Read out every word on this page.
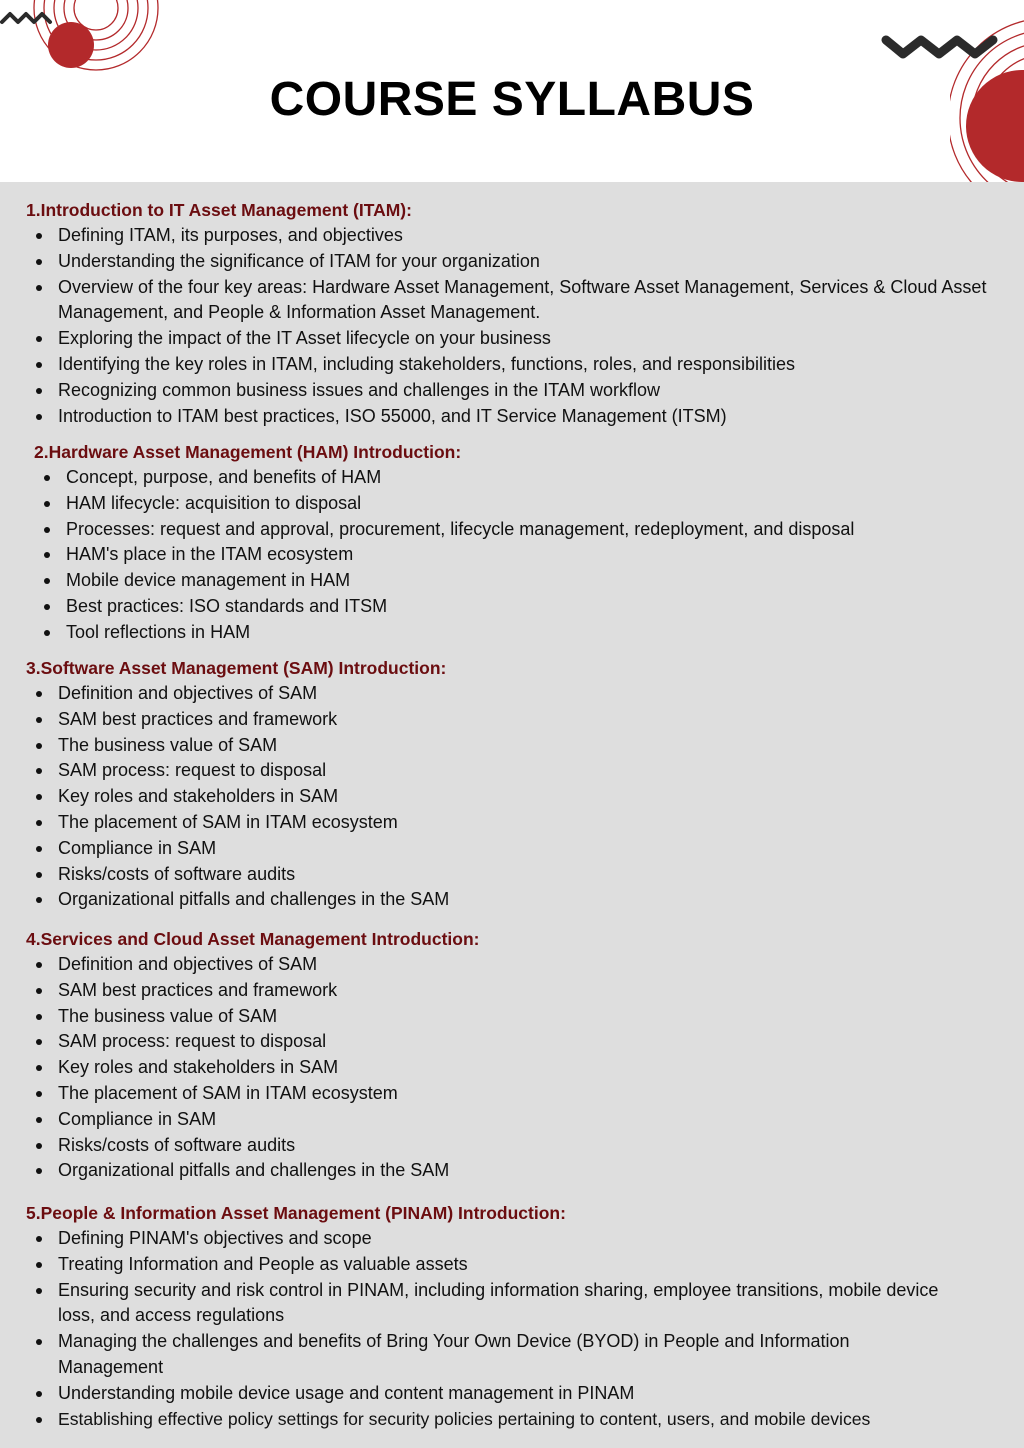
COURSE SYLLABUS
1.Introduction to IT Asset Management (ITAM):
Defining ITAM, its purposes, and objectives
Understanding the significance of ITAM for your organization
Overview of the four key areas: Hardware Asset Management, Software Asset Management, Services & Cloud Asset Management, and People & Information Asset Management.
Exploring the impact of the IT Asset lifecycle on your business
Identifying the key roles in ITAM, including stakeholders, functions, roles, and responsibilities
Recognizing common business issues and challenges in the ITAM workflow
Introduction to ITAM best practices, ISO 55000, and IT Service Management (ITSM)
2.Hardware Asset Management (HAM) Introduction:
Concept, purpose, and benefits of HAM
HAM lifecycle: acquisition to disposal
Processes: request and approval, procurement, lifecycle management, redeployment, and disposal
HAM's place in the ITAM ecosystem
Mobile device management in HAM
Best practices: ISO standards and ITSM
Tool reflections in HAM
3.Software Asset Management (SAM) Introduction:
Definition and objectives of SAM
SAM best practices and framework
The business value of SAM
SAM process: request to disposal
Key roles and stakeholders in SAM
The placement of SAM in ITAM ecosystem
Compliance in SAM
Risks/costs of software audits
Organizational pitfalls and challenges in the SAM
4.Services and Cloud Asset Management Introduction:
Definition and objectives of SAM
SAM best practices and framework
The business value of SAM
SAM process: request to disposal
Key roles and stakeholders in SAM
The placement of SAM in ITAM ecosystem
Compliance in SAM
Risks/costs of software audits
Organizational pitfalls and challenges in the SAM
5.People & Information Asset Management (PINAM) Introduction:
Defining PINAM's objectives and scope
Treating Information and People as valuable assets
Ensuring security and risk control in PINAM, including information sharing, employee transitions, mobile device loss, and access regulations
Managing the challenges and benefits of Bring Your Own Device (BYOD) in People and Information Management
Understanding mobile device usage and content management in PINAM
Establishing effective policy settings for security policies pertaining to content, users, and mobile devices
